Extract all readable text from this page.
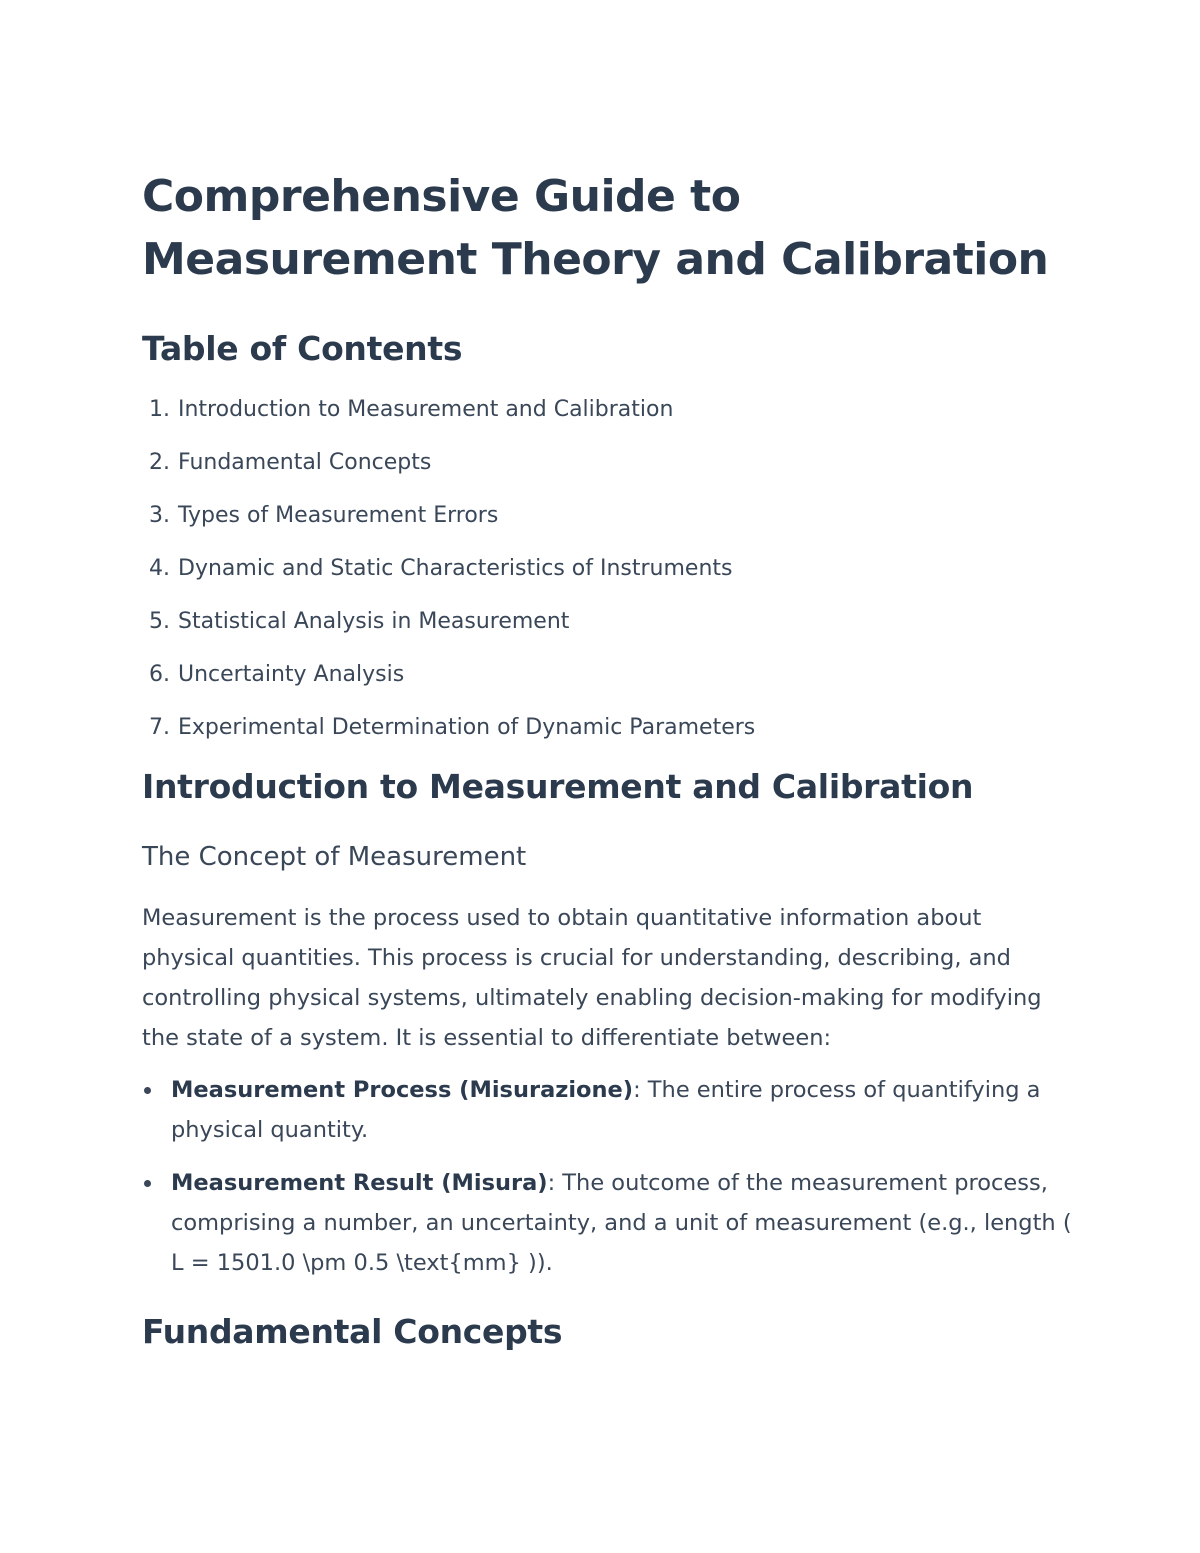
Comprehensive Guide to Measurement Theory and Calibration
Table of Contents
1. Introduction to Measurement and Calibration
2. Fundamental Concepts
3. Types of Measurement Errors
4. Dynamic and Static Characteristics of Instruments
5. Statistical Analysis in Measurement
6. Uncertainty Analysis
7. Experimental Determination of Dynamic Parameters
Introduction to Measurement and Calibration
The Concept of Measurement

Measurement is the process used to obtain quantitative information about physical quantities. This process is crucial for understanding, describing, and controlling physical systems, ultimately enabling decision-making for modifying the state of a system. It is essential to differentiate between:

Measurement Process (Misurazione): The entire process of quantifying a physical quantity.
Measurement Result (Misura): The outcome of the measurement process, comprising a number, an uncertainty, and a unit of measurement (e.g., length ( L = 1501.0 \pm 0.5 \text{mm} )).
Fundamental Concepts
